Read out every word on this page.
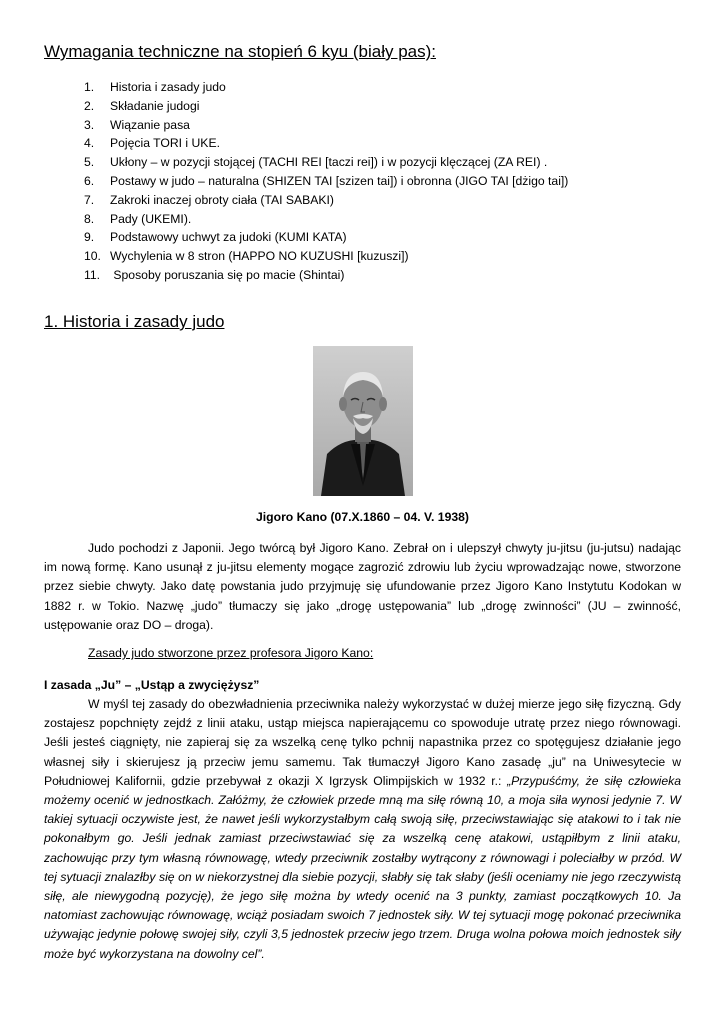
Wymagania techniczne na stopień 6 kyu (biały pas):
1. Historia i zasady judo
2. Składanie judogi
3. Wiązanie pasa
4. Pojęcia TORI i UKE.
5. Ukłony – w pozycji stojącej (TACHI REI [taczi rei]) i w pozycji klęczącej (ZA REI) .
6. Postawy w judo – naturalna (SHIZEN TAI [szizen tai]) i obronna (JIGO TAI [dżigo tai])
7. Zakroki inaczej obroty ciała (TAI SABAKI)
8. Pady (UKEMI).
9. Podstawowy uchwyt za judoki (KUMI KATA)
10. Wychylenia w 8 stron (HAPPO NO KUZUSHI [kuzuszi])
11. Sposoby poruszania się po macie (Shintai)
1. Historia i zasady judo
Jigoro Kano (07.X.1860 – 04. V. 1938)

Judo pochodzi z Japonii. Jego twórcą był Jigoro Kano. Zebrał on i ulepszył chwyty ju-jitsu (ju-jutsu) nadając im nową formę. Kano usunął z ju-jitsu elementy mogące zagrozić zdrowiu lub życiu wprowadzając nowe, stworzone przez siebie chwyty. Jako datę powstania judo przyjmuję się ufundowanie przez Jigoro Kano Instytutu Kodokan w 1882 r. w Tokio. Nazwę „judo” tłumaczy się jako „drogę ustępowania” lub „drogę zwinności” (JU – zwinność, ustępowanie oraz DO – droga).

Zasady judo stworzone przez profesora Jigoro Kano:
I zasada „Ju” – „Ustąp a zwyciężysz”

W myśl tej zasady do obezwładnienia przeciwnika należy wykorzystać w dużej mierze jego siłę fizyczną. Gdy zostajesz popchnięty zejdź z linii ataku, ustąp miejsca napierającemu co spowoduje utratę przez niego równowagi. Jeśli jesteś ciągnięty, nie zapieraj się za wszelką cenę tylko pchnij napastnika przez co spotęgujesz działanie jego własnej siły i skierujesz ją przeciw jemu samemu. Tak tłumaczył Jigoro Kano zasadę „ju” na Uniwesytecie w Południowej Kalifornii, gdzie przebywał z okazji X Igrzysk Olimpijskich w 1932 r.: „Przypuśćmy, że siłę człowieka możemy ocenić w jednostkach. Załóżmy, że człowiek przede mną ma siłę równą 10, a moja siła wynosi jedynie 7. W takiej sytuacji oczywiste jest, że nawet jeśli wykorzystałbym całą swoją siłę, przeciwstawiając się atakowi to i tak nie pokonałbym go. Jeśli jednak zamiast przeciwstawiać się za wszelką cenę atakowi, ustąpiłbym z linii ataku, zachowując przy tym własną równowagę, wtedy przeciwnik zostałby wytrącony z równowagi i poleciałby w przód. W tej sytuacji znalazłby się on w niekorzystnej dla siebie pozycji, słabły się tak słaby (jeśli oceniamy nie jego rzeczywistą siłę, ale niewygodną pozycję), że jego siłę można by wtedy ocenić na 3 punkty, zamiast początkowych 10. Ja natomiast zachowując równowagę, wciąż posiadam swoich 7 jednostek siły. W tej sytuacji mogę pokonać przeciwnika używając jedynie połowę swojej siły, czyli 3,5 jednostek przeciw jego trzem. Druga wolna połowa moich jednostek siły może być wykorzystana na dowolny cel”.
